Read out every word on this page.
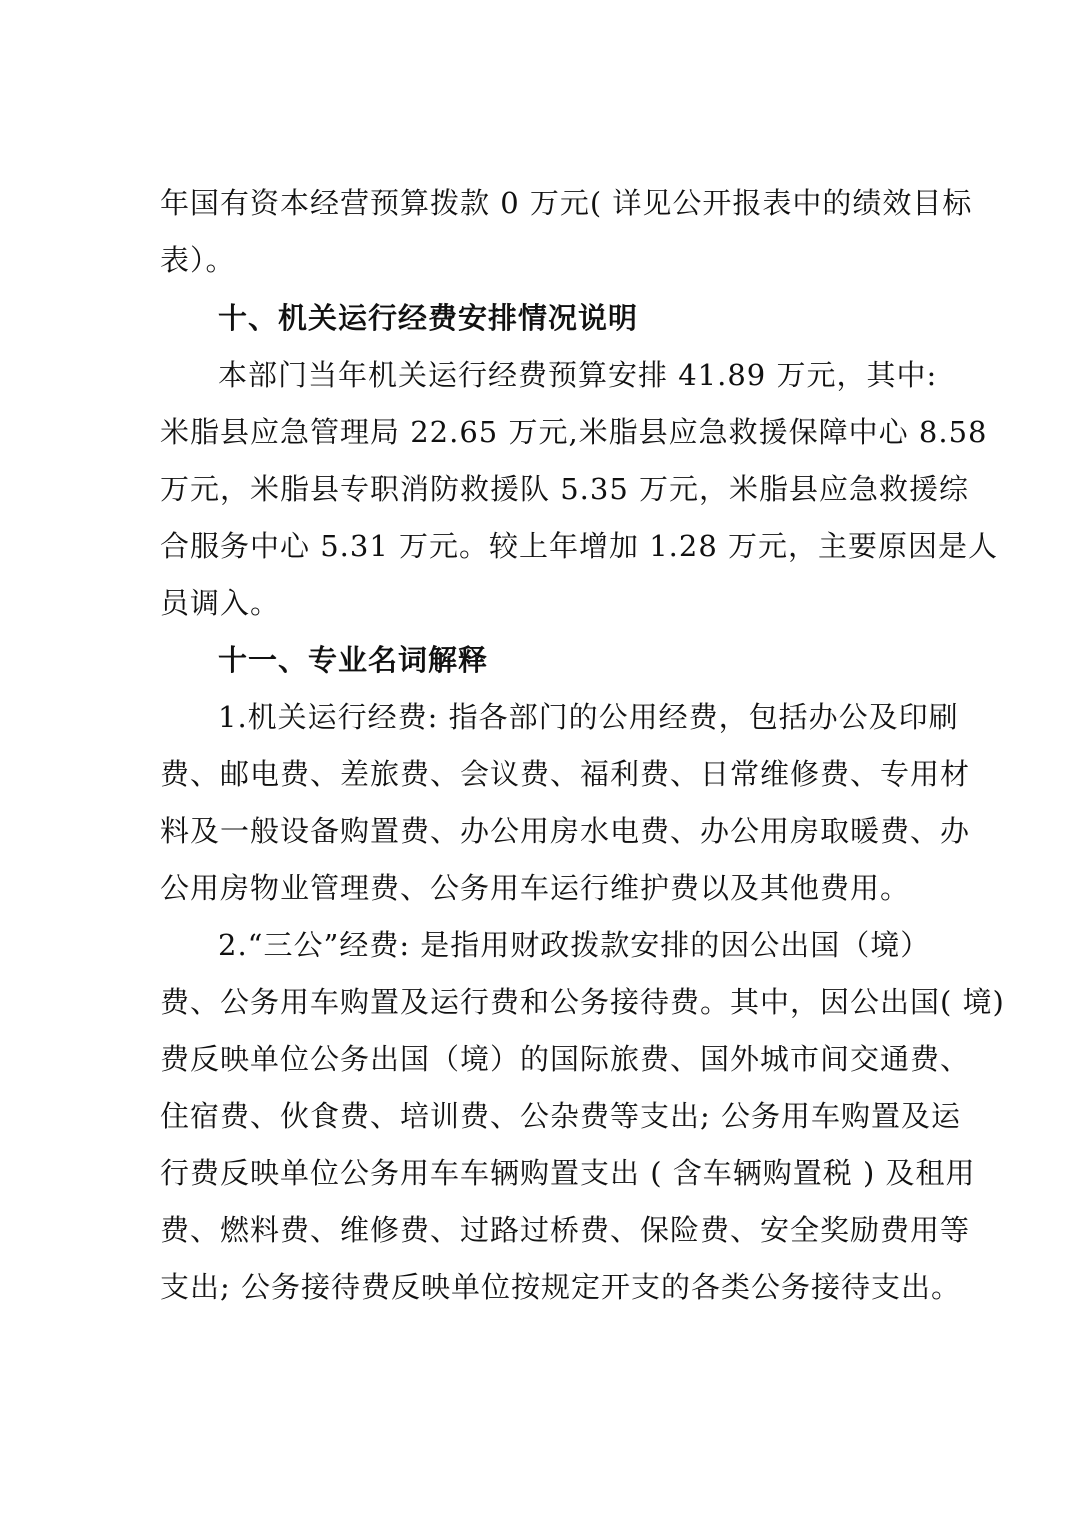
年国有资本经营预算拨款 0 万元( 详见公开报表中的绩效目标
表）。
十、机关运行经费安排情况说明
本部门当年机关运行经费预算安排 41.89 万元，其中:
米脂县应急管理局 22.65 万元,米脂县应急救援保障中心 8.58
万元，米脂县专职消防救援队 5.35 万元，米脂县应急救援综
合服务中心 5.31 万元。较上年增加 1.28 万元，主要原因是人
员调入。
十一、专业名词解释
1.机关运行经费: 指各部门的公用经费，包括办公及印刷
费、邮电费、差旅费、会议费、福利费、日常维修费、专用材
料及一般设备购置费、办公用房水电费、办公用房取暖费、办
公用房物业管理费、公务用车运行维护费以及其他费用。
2.“三公”经费: 是指用财政拨款安排的因公出国（境）
费、公务用车购置及运行费和公务接待费。其中，因公出国( 境)
费反映单位公务出国（境）的国际旅费、国外城市间交通费、
住宿费、伙食费、培训费、公杂费等支出; 公务用车购置及运
行费反映单位公务用车车辆购置支出 ( 含车辆购置税 ) 及租用
费、燃料费、维修费、过路过桥费、保险费、安全奖励费用等
支出; 公务接待费反映单位按规定开支的各类公务接待支出。
